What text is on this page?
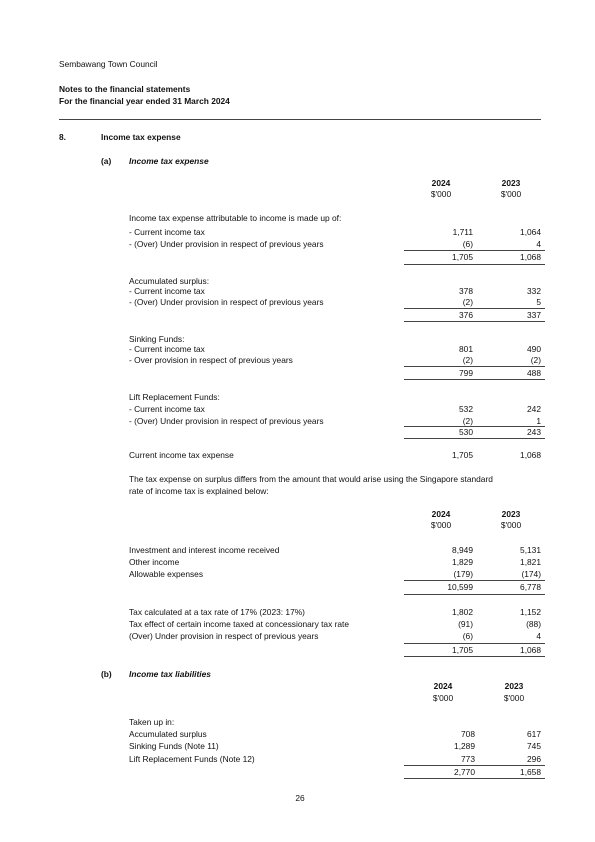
Sembawang Town Council
Notes to the financial statements
For the financial year ended 31 March 2024
8.	Income tax expense
(a) Income tax expense
2024	2023
$'000	$'000
Income tax expense attributable to income is made up of:
- Current income tax	1,711	1,064
- (Over) Under provision in respect of previous years	(6)	4
1,705	1,068
Accumulated surplus:
- Current income tax	378	332
- (Over) Under provision in respect of previous years	(2)	5
376	337
Sinking Funds:
- Current income tax	801	490
- Over provision in respect of previous years	(2)	(2)
799	488
Lift Replacement Funds:
- Current income tax	532	242
- (Over) Under provision in respect of previous years	(2)	1
530	243
Current income tax expense	1,705	1,068
The tax expense on surplus differs from the amount that would arise using the Singapore standard
rate of income tax is explained below:
2024	2023
$'000	$'000
Investment and interest income received	8,949	5,131
Other income	1,829	1,821
Allowable expenses	(179)	(174)
10,599	6,778
Tax calculated at a tax rate of 17% (2023: 17%)	1,802	1,152
Tax effect of certain income taxed at concessionary tax rate	(91)	(88)
(Over) Under provision in respect of previous years	(6)	4
1,705	1,068
(b) Income tax liabilities
2024	2023
$'000	$'000
Taken up in:
Accumulated surplus	708	617
Sinking Funds (Note 11)	1,289	745
Lift Replacement Funds (Note 12)	773	296
2,770	1,658
26
